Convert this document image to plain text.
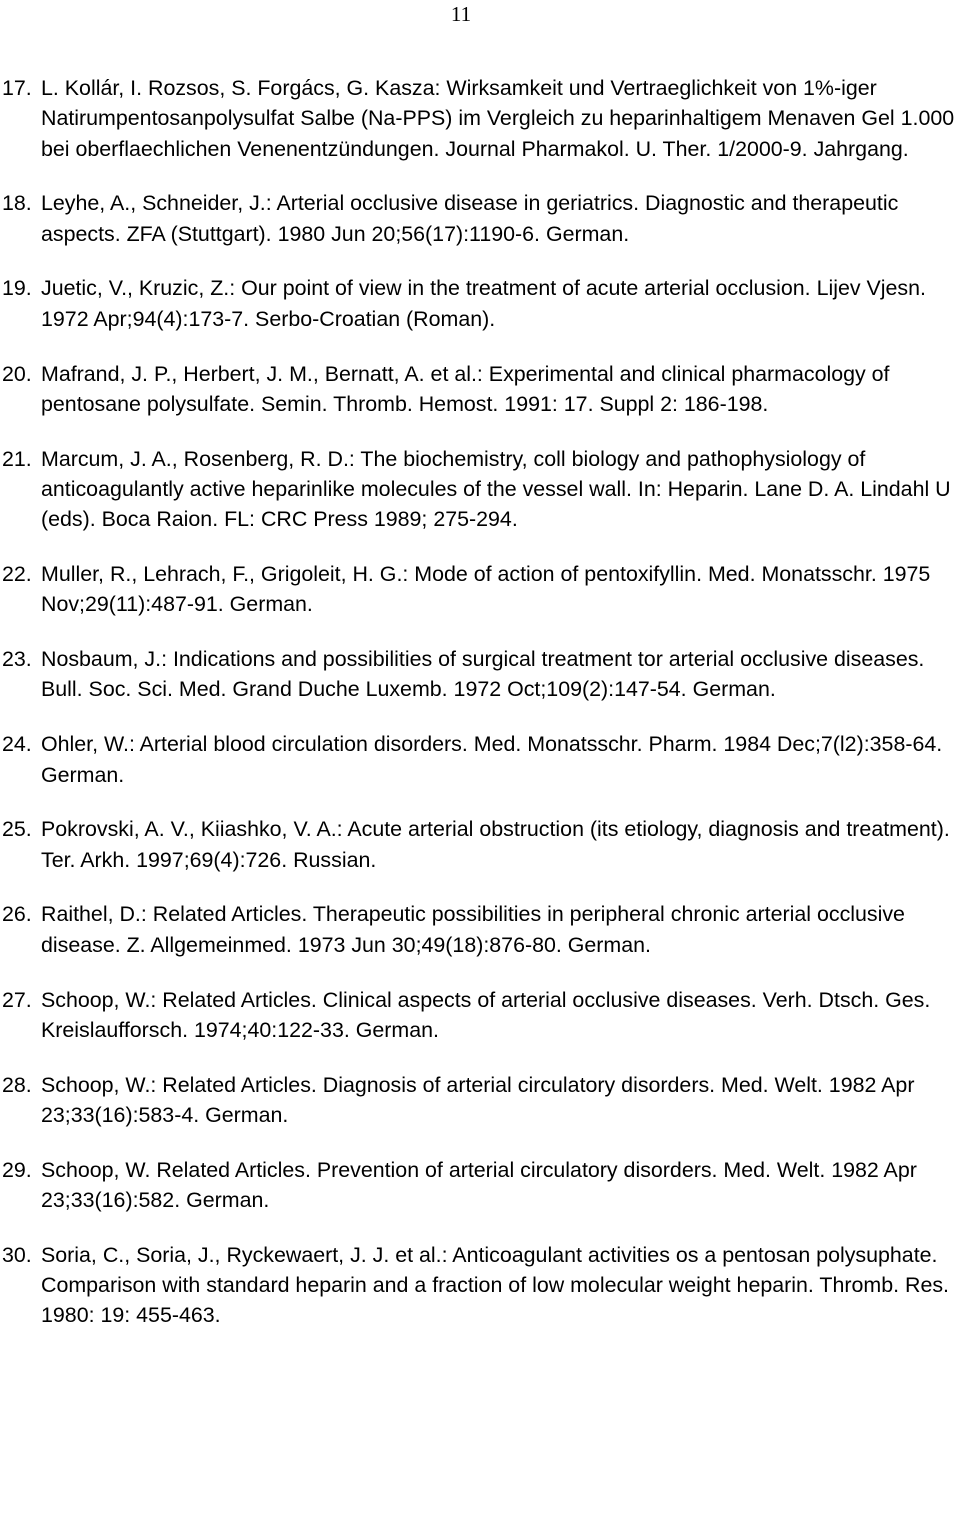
11
17. L. Kollár, I. Rozsos, S. Forgács, G. Kasza: Wirksamkeit und Vertraeglichkeit von 1%-iger Natirumpentosanpolysulfat Salbe (Na-PPS) im Vergleich zu heparinhaltigem Menaven Gel 1.000 bei oberflaechlichen Venenentzündungen. Journal Pharmakol. U. Ther. 1/2000-9. Jahrgang.
18. Leyhe, A., Schneider, J.: Arterial occlusive disease in geriatrics. Diagnostic and therapeutic aspects. ZFA (Stuttgart). 1980 Jun 20;56(17):1190-6. German.
19. Juetic, V., Kruzic, Z.: Our point of view in the treatment of acute arterial occlusion. Lijev Vjesn. 1972 Apr;94(4):173-7. Serbo-Croatian (Roman).
20. Mafrand, J. P., Herbert, J. M., Bernatt, A. et al.: Experimental and clinical pharmacology of pentosane polysulfate. Semin. Thromb. Hemost. 1991: 17. Suppl 2: 186-198.
21. Marcum, J. A., Rosenberg, R. D.: The biochemistry, coll biology and pathophysiology of anticoagulantly active heparinlike molecules of the vessel wall. In: Heparin. Lane D. A. Lindahl U (eds). Boca Raion. FL: CRC Press 1989; 275-294.
22. Muller, R., Lehrach, F., Grigoleit, H. G.: Mode of action of pentoxifyllin. Med. Monatsschr. 1975 Nov;29(11):487-91. German.
23. Nosbaum, J.: Indications and possibilities of surgical treatment tor arterial occlusive diseases. Bull. Soc. Sci. Med. Grand Duche Luxemb. 1972 Oct;109(2):147-54. German.
24. Ohler, W.: Arterial blood circulation disorders. Med. Monatsschr. Pharm. 1984 Dec;7(l2):358-64. German.
25. Pokrovski, A. V., Kiiashko, V. A.: Acute arterial obstruction (its etiology, diagnosis and treatment). Ter. Arkh. 1997;69(4):726. Russian.
26. Raithel, D.: Related Articles. Therapeutic possibilities in peripheral chronic arterial occlusive disease. Z. Allgemeinmed. 1973 Jun 30;49(18):876-80. German.
27. Schoop, W.: Related Articles. Clinical aspects of arterial occlusive diseases. Verh. Dtsch. Ges. Kreislaufforsch. 1974;40:122-33. German.
28. Schoop, W.: Related Articles. Diagnosis of arterial circulatory disorders. Med. Welt. 1982 Apr 23;33(16):583-4. German.
29. Schoop, W. Related Articles. Prevention of arterial circulatory disorders. Med. Welt. 1982 Apr 23;33(16):582. German.
30. Soria, C., Soria, J., Ryckewaert, J. J. et al.: Anticoagulant activities os a pentosan polysuphate. Comparison with standard heparin and a fraction of low molecular weight heparin. Thromb. Res. 1980: 19: 455-463.
